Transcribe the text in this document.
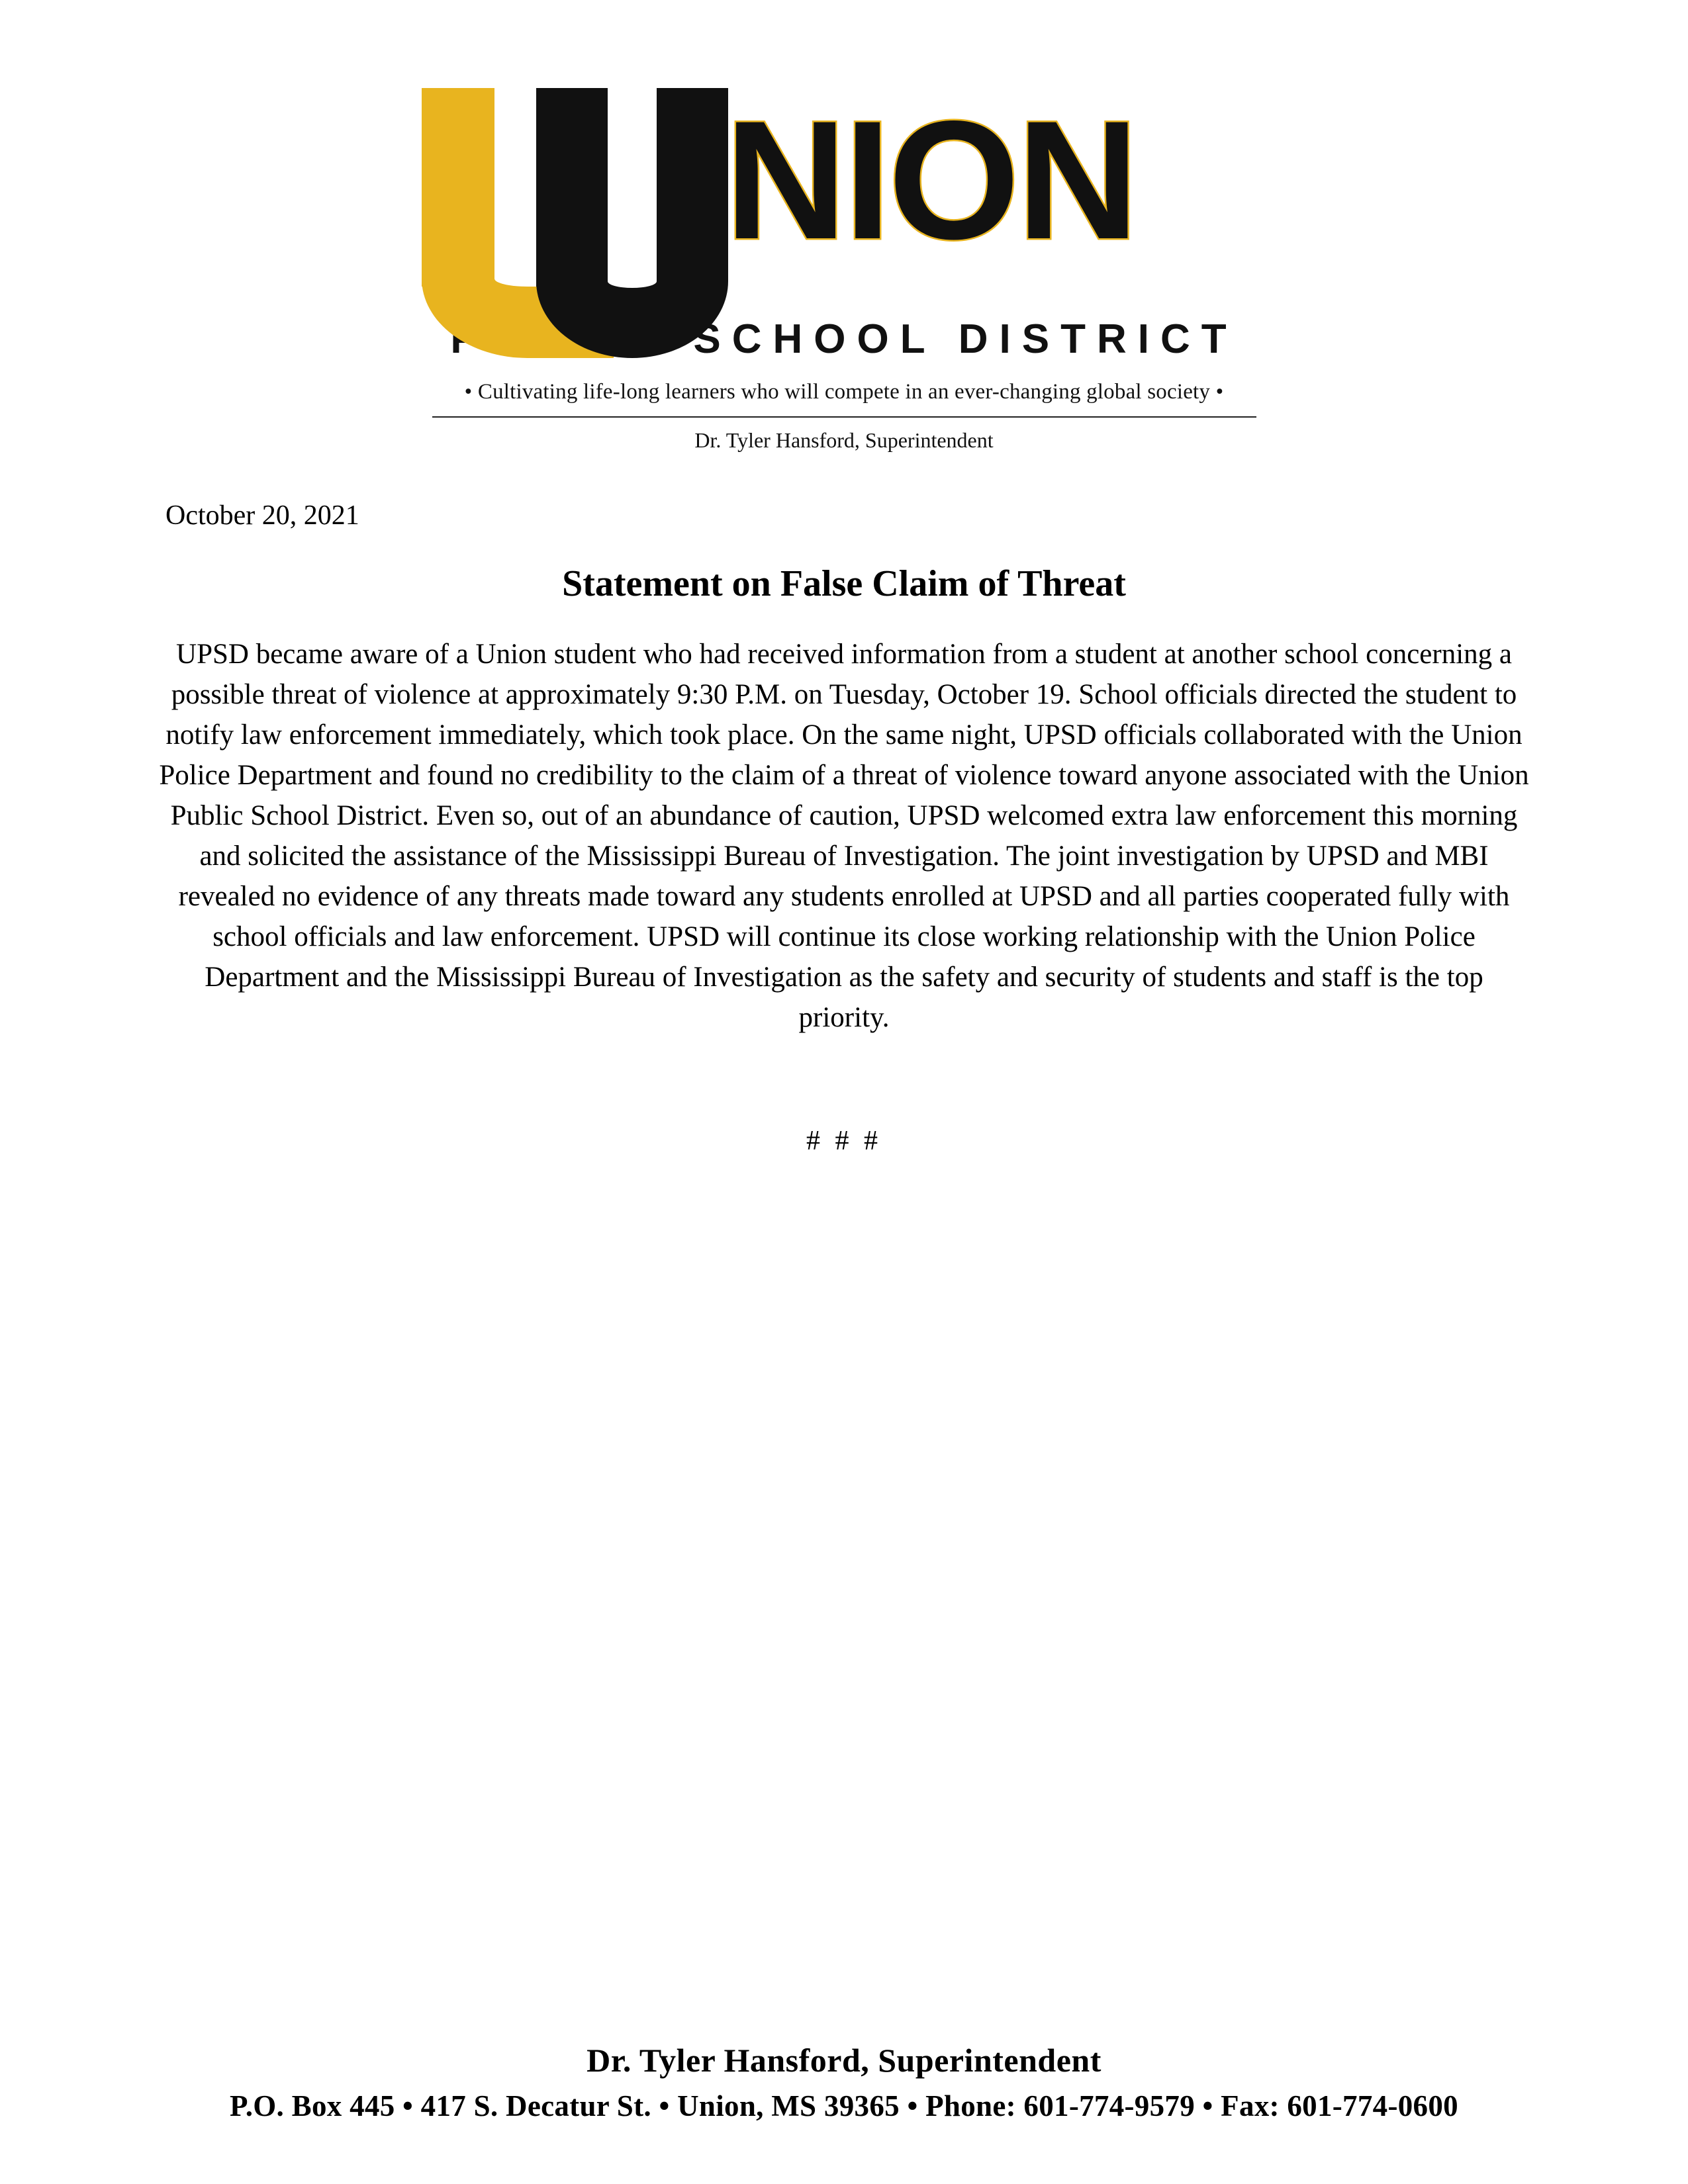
NION
PUBLIC SCHOOL DISTRICT
• Cultivating life-long learners who will compete in an ever-changing global society •
Dr. Tyler Hansford, Superintendent
October 20, 2021
Statement on False Claim of Threat

UPSD became aware of a Union student who had received information from a student at another school concerning a possible threat of violence at approximately 9:30 P.M. on Tuesday, October 19. School officials directed the student to notify law enforcement immediately, which took place. On the same night, UPSD officials collaborated with the Union Police Department and found no credibility to the claim of a threat of violence toward anyone associated with the Union Public School District. Even so, out of an abundance of caution, UPSD welcomed extra law enforcement this morning and solicited the assistance of the Mississippi Bureau of Investigation. The joint investigation by UPSD and MBI revealed no evidence of any threats made toward any students enrolled at UPSD and all parties cooperated fully with school officials and law enforcement. UPSD will continue its close working relationship with the Union Police Department and the Mississippi Bureau of Investigation as the safety and security of students and staff is the top priority.

# # #
Dr. Tyler Hansford, Superintendent
P.O. Box 445 • 417 S. Decatur St. • Union, MS 39365 • Phone: 601-774-9579 • Fax: 601-774-0600
